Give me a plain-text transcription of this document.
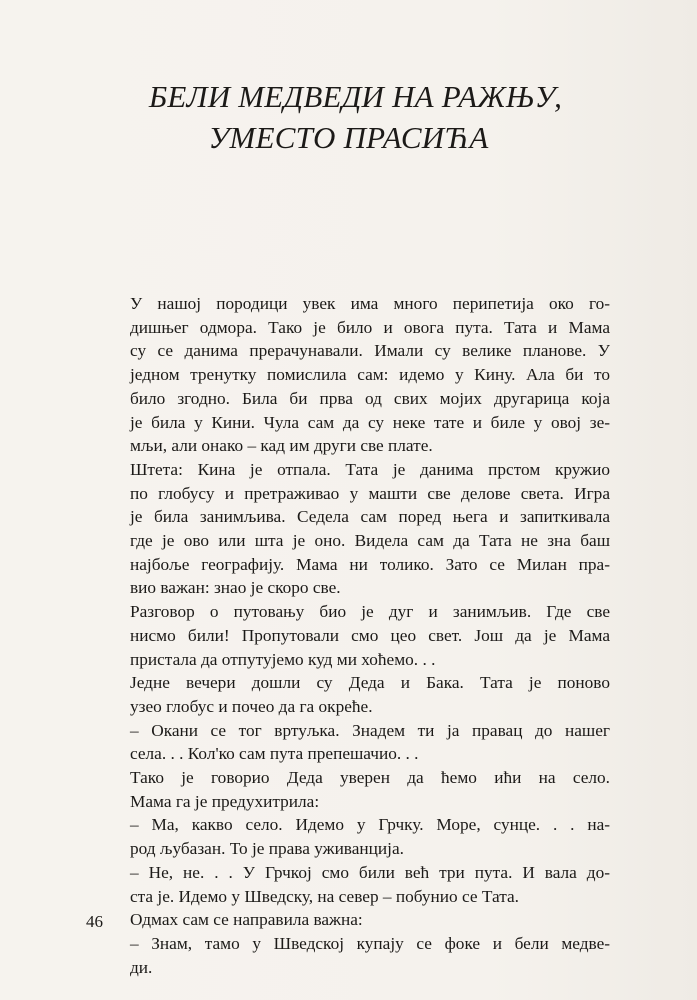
БЕЛИ МЕДВЕДИ НА РАЖЊУ,
УМЕСТО ПРАСИЋА

У нашој породици увек има много перипетија око го-
дишњег одмора. Тако је било и овога пута. Тата и Мама
су се данима прерачунавали. Имали су велике планове. У
једном тренутку помислила сам: идемо у Кину. Ала би то
било згодно. Била би прва од свих мојих другарица која
је била у Кини. Чула сам да су неке тате и биле у овој зе-
мљи, али онако – кад им други све плате.

Штета: Кина је отпала. Тата је данима прстом кружио
по глобусу и претраживао у машти све делове света. Игра
је била занимљива. Седела сам поред њега и запиткивала
где је ово или шта је оно. Видела сам да Тата не зна баш
најбоље географију. Мама ни толико. Зато се Милан пра-
вио важан: знао је скоро све.

Разговор о путовању био је дуг и занимљив. Где све
нисмо били! Пропутовали смо цео свет. Још да је Мама
пристала да отпутујемо куд ми хоћемо. . .

Једне вечери дошли су Деда и Бака. Тата је поново
узео глобус и почео да га окреће.

– Окани се тог вртуљка. Знадем ти ја правац до нашег
села. . . Кол'ко сам пута препешачио. . .

Тако је говорио Деда уверен да ћемо ићи на село.
Мама га је предухитрила:

– Ма, какво село. Идемо у Грчку. Море, сунце. . . на-
род љубазан. То је права уживанција.

– Не, не. . . У Грчкој смо били већ три пута. И вала до-
ста је. Идемо у Шведску, на север – побунио се Тата.

Одмах сам се направила важна:

– Знам, тамо у Шведској купају се фоке и бели медве-
ди.

46
